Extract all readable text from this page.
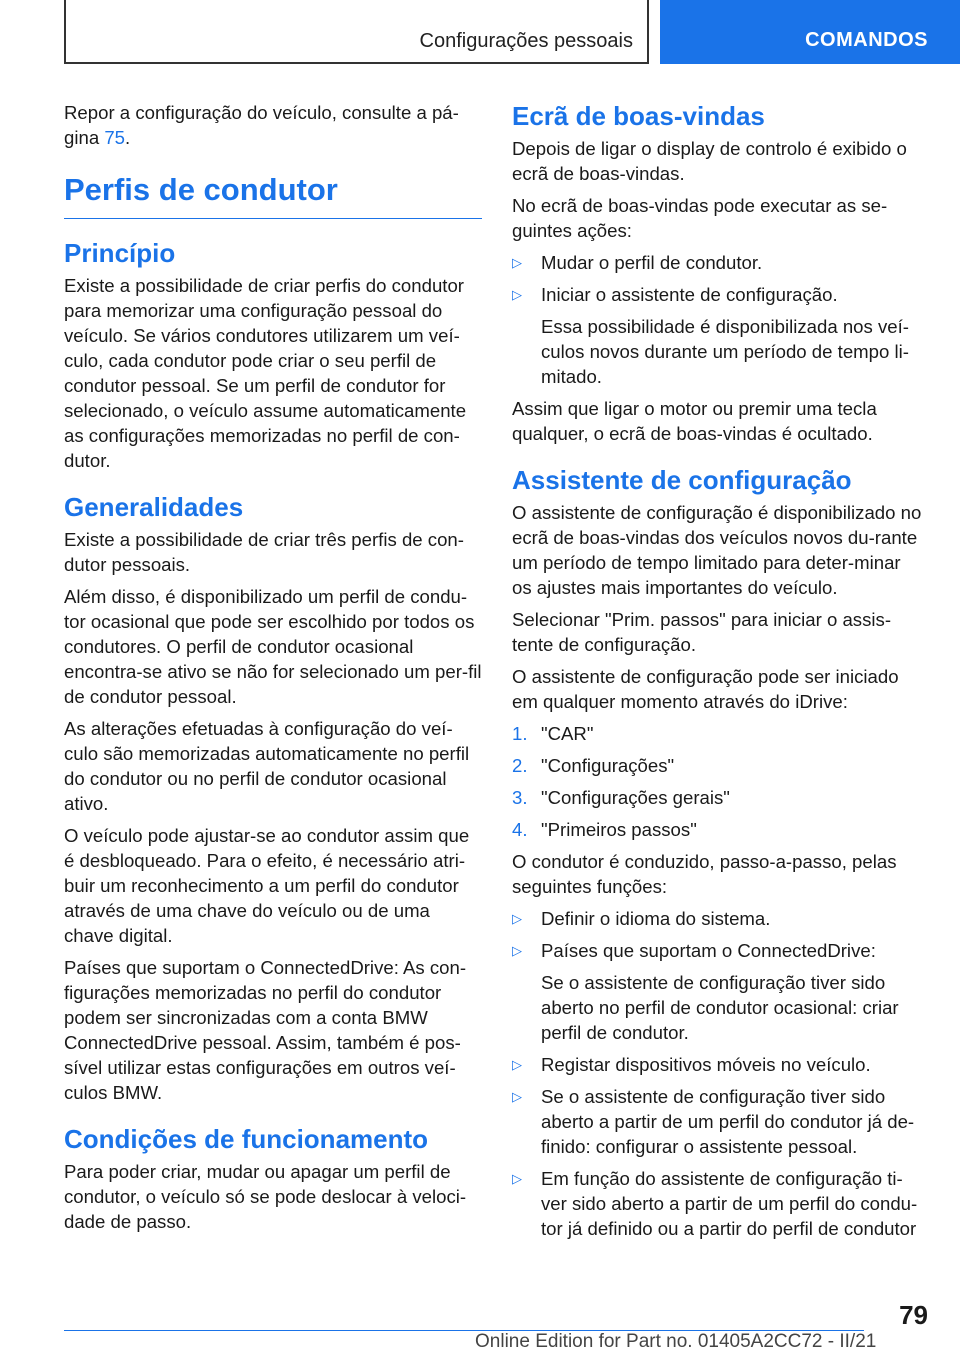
Configurações pessoais	COMANDOS

Repor a configuração do veículo, consulte a pá-gina 75.

Perfis de condutor
Princípio

Existe a possibilidade de criar perfis do condutor para memorizar uma configuração pessoal do veículo. Se vários condutores utilizarem um veí-culo, cada condutor pode criar o seu perfil de condutor pessoal. Se um perfil de condutor for selecionado, o veículo assume automaticamente as configurações memorizadas no perfil de con-dutor.

Generalidades

Existe a possibilidade de criar três perfis de con-dutor pessoais.

Além disso, é disponibilizado um perfil de condu-tor ocasional que pode ser escolhido por todos os condutores. O perfil de condutor ocasional encontra-se ativo se não for selecionado um per-fil de condutor pessoal.

As alterações efetuadas à configuração do veí-culo são memorizadas automaticamente no perfil do condutor ou no perfil de condutor ocasional ativo.

O veículo pode ajustar-se ao condutor assim que é desbloqueado. Para o efeito, é necessário atri-buir um reconhecimento a um perfil do condutor através de uma chave do veículo ou de uma chave digital.

Países que suportam o ConnectedDrive: As con-figurações memorizadas no perfil do condutor podem ser sincronizadas com a conta BMW ConnectedDrive pessoal. Assim, também é pos-sível utilizar estas configurações em outros veí-culos BMW.

Condições de funcionamento

Para poder criar, mudar ou apagar um perfil de condutor, o veículo só se pode deslocar à veloci-dade de passo.

Ecrã de boas-vindas

Depois de ligar o display de controlo é exibido o ecrã de boas-vindas.

No ecrã de boas-vindas pode executar as se-guintes ações:

▷	Mudar o perfil de condutor.
▷	Iniciar o assistente de configuração.

Essa possibilidade é disponibilizada nos veí-culos novos durante um período de tempo li-mitado.

Assim que ligar o motor ou premir uma tecla qualquer, o ecrã de boas-vindas é ocultado.

Assistente de configuração

O assistente de configuração é disponibilizado no ecrã de boas-vindas dos veículos novos du-rante um período de tempo limitado para deter-minar os ajustes mais importantes do veículo.

Selecionar "Prim. passos" para iniciar o assis-tente de configuração.

O assistente de configuração pode ser iniciado em qualquer momento através do iDrive:

1. "CAR"
2. "Configurações"
3. "Configurações gerais"
4. "Primeiros passos"

O condutor é conduzido, passo-a-passo, pelas seguintes funções:

▷	Definir o idioma do sistema.
▷	Países que suportam o ConnectedDrive:

Se o assistente de configuração tiver sido aberto no perfil de condutor ocasional: criar perfil de condutor.

▷	Registar dispositivos móveis no veículo.
▷	Se o assistente de configuração tiver sido aberto a partir de um perfil do condutor já de-finido: configurar o assistente pessoal.
▷	Em função do assistente de configuração ti-ver sido aberto a partir de um perfil do condu-tor já definido ou a partir do perfil de condutor
79
Online Edition for Part no. 01405A2CC72 - II/21
